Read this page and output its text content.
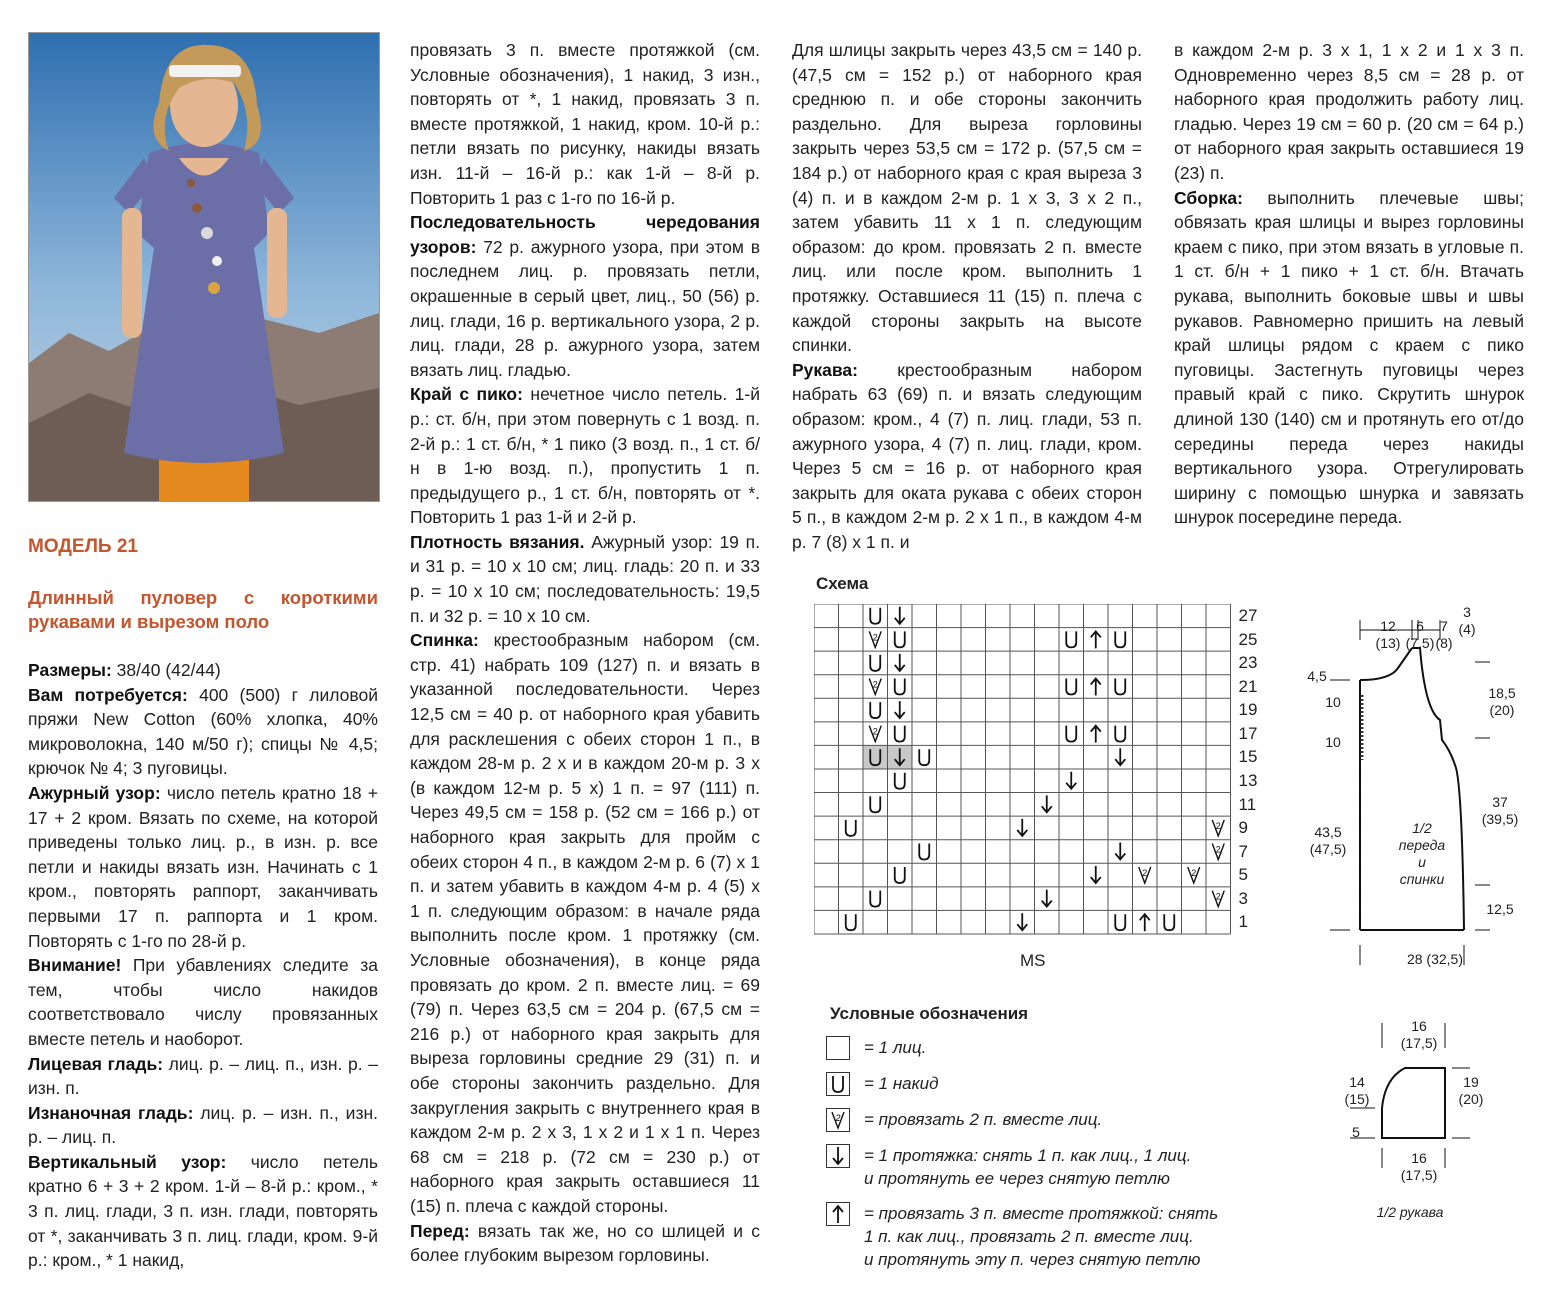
МОДЕЛЬ 21
Длинный пуловер с короткими рукавами и вырезом поло

Размеры: 38/40 (42/44)

Вам потребуется: 400 (500) г лиловой пряжи New Cotton (60% хлопка, 40% микроволокна, 140 м/50 г); спицы № 4,5; крючок № 4; 3 пуговицы.

Ажурный узор: число петель кратно 18 + 17 + 2 кром. Вязать по схеме, на которой приведены только лиц. р., в изн. р. все петли и накиды вязать изн. Начинать с 1 кром., повторять раппорт, заканчивать первыми 17 п. раппорта и 1 кром. Повторять с 1-го по 28-й р.

Внимание! При убавлениях следите за тем, чтобы число накидов соответствовало числу провязанных вместе петель и наоборот.

Лицевая гладь: лиц. р. – лиц. п., изн. р. – изн. п.

Изнаночная гладь: лиц. р. – изн. п., изн. р. – лиц. п.

Вертикальный узор: число петель кратно 6 + 3 + 2 кром. 1-й – 8-й р.: кром., * 3 п. лиц. глади, 3 п. изн. глади, повторять от *, заканчивать 3 п. лиц. глади, кром. 9-й р.: кром., * 1 накид,

провязать 3 п. вместе протяжкой (см. Условные обозначения), 1 накид, 3 изн., повторять от *, 1 накид, провязать 3 п. вместе протяжкой, 1 накид, кром. 10-й р.: петли вязать по рисунку, накиды вязать изн. 11-й – 16-й р.: как 1-й – 8-й р. Повторить 1 раз с 1-го по 16-й р.

Последовательность чередования узоров: 72 р. ажурного узора, при этом в последнем лиц. р. провязать петли, окрашенные в серый цвет, лиц., 50 (56) р. лиц. глади, 16 р. вертикального узора, 2 р. лиц. глади, 28 р. ажурного узора, затем вязать лиц. гладью.

Край с пико: нечетное число петель. 1-й р.: ст. б/н, при этом повернуть с 1 возд. п. 2-й р.: 1 ст. б/н, * 1 пико (3 возд. п., 1 ст. б/н в 1-ю возд. п.), пропустить 1 п. предыдущего р., 1 ст. б/н, повторять от *. Повторить 1 раз 1-й и 2-й р.

Плотность вязания. Ажурный узор: 19 п. и 31 р. = 10 х 10 см; лиц. гладь: 20 п. и 33 р. = 10 х 10 см; последовательность: 19,5 п. и 32 р. = 10 х 10 см.

Спинка: крестообразным набором (см. стр. 41) набрать 109 (127) п. и вязать в указанной последовательности. Через 12,5 см = 40 р. от наборного края убавить для расклешения с обеих сторон 1 п., в каждом 28-м р. 2 х и в каждом 20-м р. 3 х (в каждом 12-м р. 5 х) 1 п. = 97 (111) п. Через 49,5 см = 158 р. (52 см = 166 р.) от наборного края закрыть для пройм с обеих сторон 4 п., в каждом 2-м р. 6 (7) х 1 п. и затем убавить в каждом 4-м р. 4 (5) х 1 п. следующим образом: в начале ряда выполнить после кром. 1 протяжку (см. Условные обозначения), в конце ряда провязать до кром. 2 п. вместе лиц. = 69 (79) п. Через 63,5 см = 204 р. (67,5 см = 216 р.) от наборного края закрыть для выреза горловины средние 29 (31) п. и обе стороны закончить раздельно. Для закругления закрыть с внутреннего края в каждом 2-м р. 2 х 3, 1 х 2 и 1 х 1 п. Через 68 см = 218 р. (72 см = 230 р.) от наборного края закрыть оставшиеся 11 (15) п. плеча с каждой стороны.

Перед: вязать так же, но со шлицей и с более глубоким вырезом горловины.

Для шлицы закрыть через 43,5 см = 140 р. (47,5 см = 152 р.) от наборного края среднюю п. и обе стороны закончить раздельно. Для выреза горловины закрыть через 53,5 см = 172 р. (57,5 см = 184 р.) от наборного края с края выреза 3 (4) п. и в каждом 2-м р. 1 х 3, 3 х 2 п., затем убавить 11 х 1 п. следующим образом: до кром. провязать 2 п. вместе лиц. или после кром. выполнить 1 протяжку. Оставшиеся 11 (15) п. плеча с каждой стороны закрыть на высоте спинки.

Рукава: крестообразным набором набрать 63 (69) п. и вязать следующим образом: кром., 4 (7) п. лиц. глади, 53 п. ажурного узора, 4 (7) п. лиц. глади, кром. Через 5 см = 16 р. от наборного края закрыть для оката рукава с обеих сторон 5 п., в каждом 2-м р. 2 х 1 п., в каждом 4-м р. 7 (8) х 1 п. и

в каждом 2-м р. 3 х 1, 1 х 2 и 1 х 3 п. Одновременно через 8,5 см = 28 р. от наборного края продолжить работу лиц. гладью. Через 19 см = 60 р. (20 см = 64 р.) от наборного края закрыть оставшиеся 19 (23) п.

Сборка: выполнить плечевые швы; обвязать края шлицы и вырез горловины краем с пико, при этом вязать в угловые п. 1 ст. б/н + 1 пико + 1 ст. б/н. Втачать рукава, выполнить боковые швы и швы рукавов. Равномерно пришить на левый край шлицы рядом с краем с пико пуговицы. Застегнуть пуговицы через правый край с пико. Скрутить шнурок длиной 130 (140) см и протянуть его от/до середины переда через накиды вертикального узора. Отрегулировать ширину с помощью шнурка и завязать шнурок посередине переда.

Схема
2
2
2
2
2
2	2
2
27
25
23
21
19
17
15
13
11
9
7
5
3
1
MS
Условные обозначения
= 1 лиц.
= 1 накид
2 = провязать 2 п. вместе лиц.
= 1 протяжка: снять 1 п. как лиц., 1 лиц.
и протянуть ее через снятую петлю
= провязать 3 п. вместе протяжкой: снять
1 п. как лиц., провязать 2 п. вместе лиц.
и протянуть эту п. через снятую петлю
12
(13)
6
(7,5)
7
(8)
3
(4)
4,5
10
10
43,5
(47,5)
18,5
(20)
37
(39,5)
12,5
28 (32,5)
1/2
переда
и
спинки
16
(17,5)
14
(15)
5
19
(20)
16
(17,5)
1/2 рукава
